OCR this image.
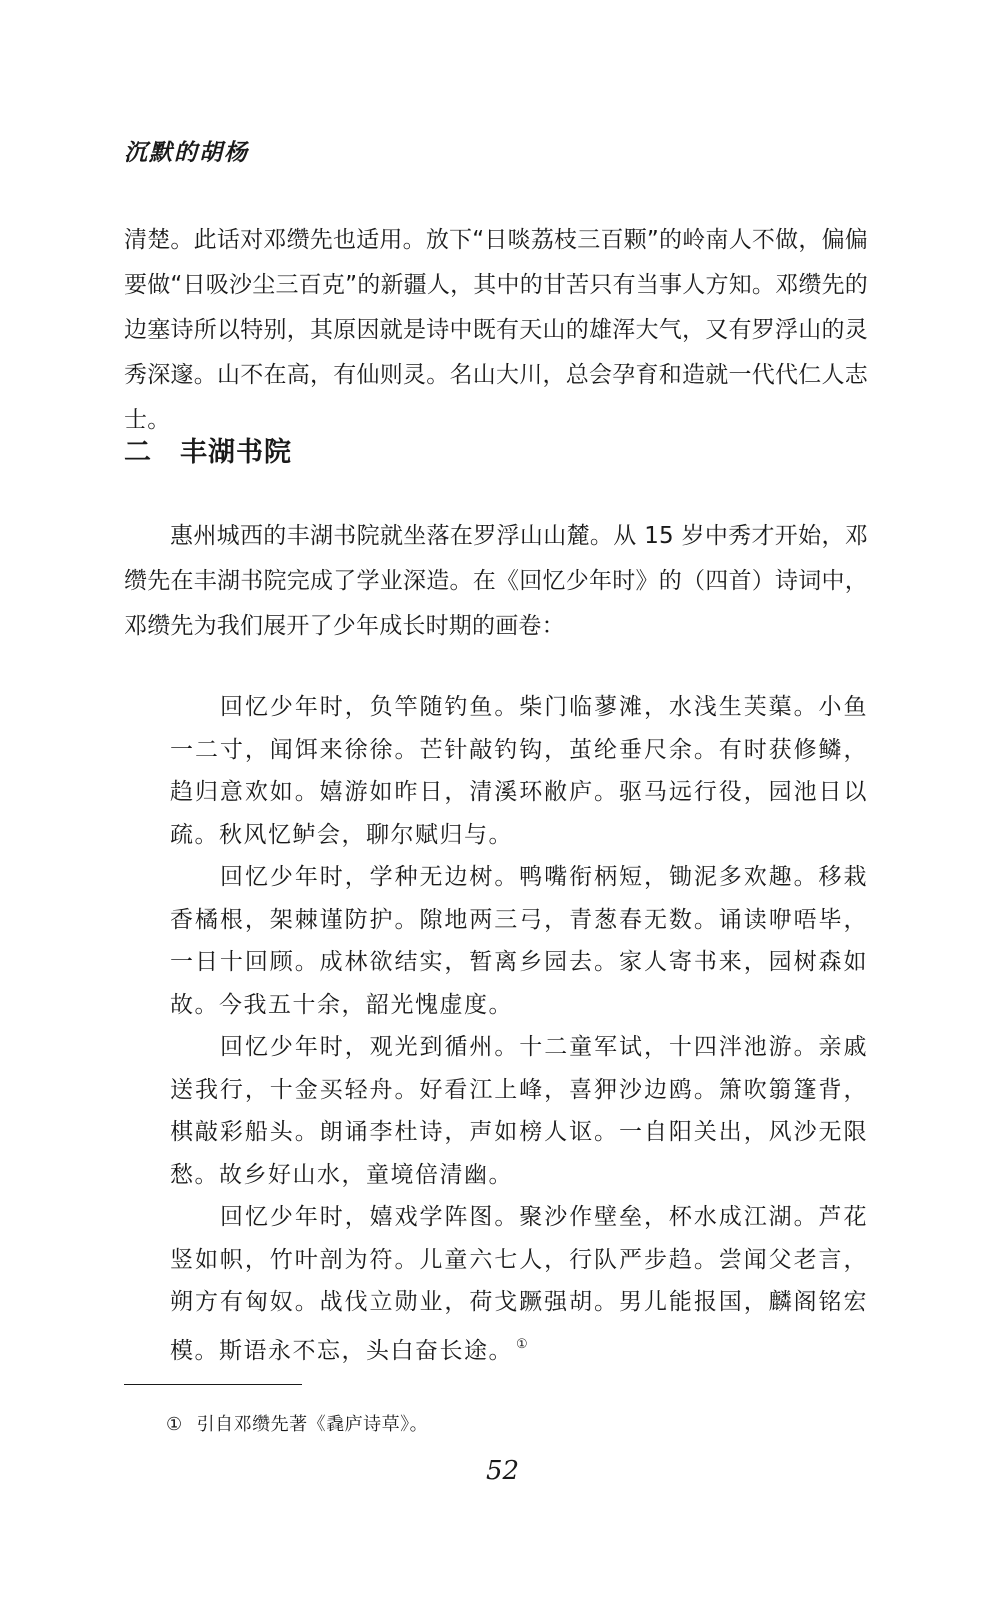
沉默的胡杨

清楚。此话对邓缵先也适用。放下“日啖荔枝三百颗”的岭南人不做，偏偏要做“日吸沙尘三百克”的新疆人，其中的甘苦只有当事人方知。邓缵先的边塞诗所以特别，其原因就是诗中既有天山的雄浑大气，又有罗浮山的灵秀深邃。山不在高，有仙则灵。名山大川，总会孕育和造就一代代仁人志士。

二 丰湖书院

惠州城西的丰湖书院就坐落在罗浮山山麓。从 15 岁中秀才开始，邓缵先在丰湖书院完成了学业深造。在《回忆少年时》的（四首）诗词中，邓缵先为我们展开了少年成长时期的画卷：

回忆少年时，负竿随钓鱼。柴门临蓼滩，水浅生芙蕖。小鱼一二寸，闻饵来徐徐。芒针敲钓钩，茧纶垂尺余。有时获修鳞，趋归意欢如。嬉游如昨日，清溪环敝庐。驱马远行役，园池日以疏。秋风忆鲈会，聊尔赋归与。

回忆少年时，学种无边树。鸭嘴衔柄短，锄泥多欢趣。移栽香橘根，架棘谨防护。隙地两三弓，青葱春无数。诵读咿唔毕，一日十回顾。成林欲结实，暂离乡园去。家人寄书来，园树森如故。今我五十余，韶光愧虚度。

回忆少年时，观光到循州。十二童军试，十四泮池游。亲戚送我行，十金买轻舟。好看江上峰，喜狎沙边鸥。箫吹篛篷背，棋敲彩船头。朗诵李杜诗，声如榜人讴。一自阳关出，风沙无限愁。故乡好山水，童境倍清幽。

回忆少年时，嬉戏学阵图。聚沙作壁垒，杯水成江湖。芦花竖如帜，竹叶剖为符。儿童六七人，行队严步趋。尝闻父老言，朔方有匈奴。战伐立勋业，荷戈蹶强胡。男儿能报国，麟阁铭宏模。斯语永不忘，头白奋长途。 ①

① 引自邓缵先著《毳庐诗草》。
52
